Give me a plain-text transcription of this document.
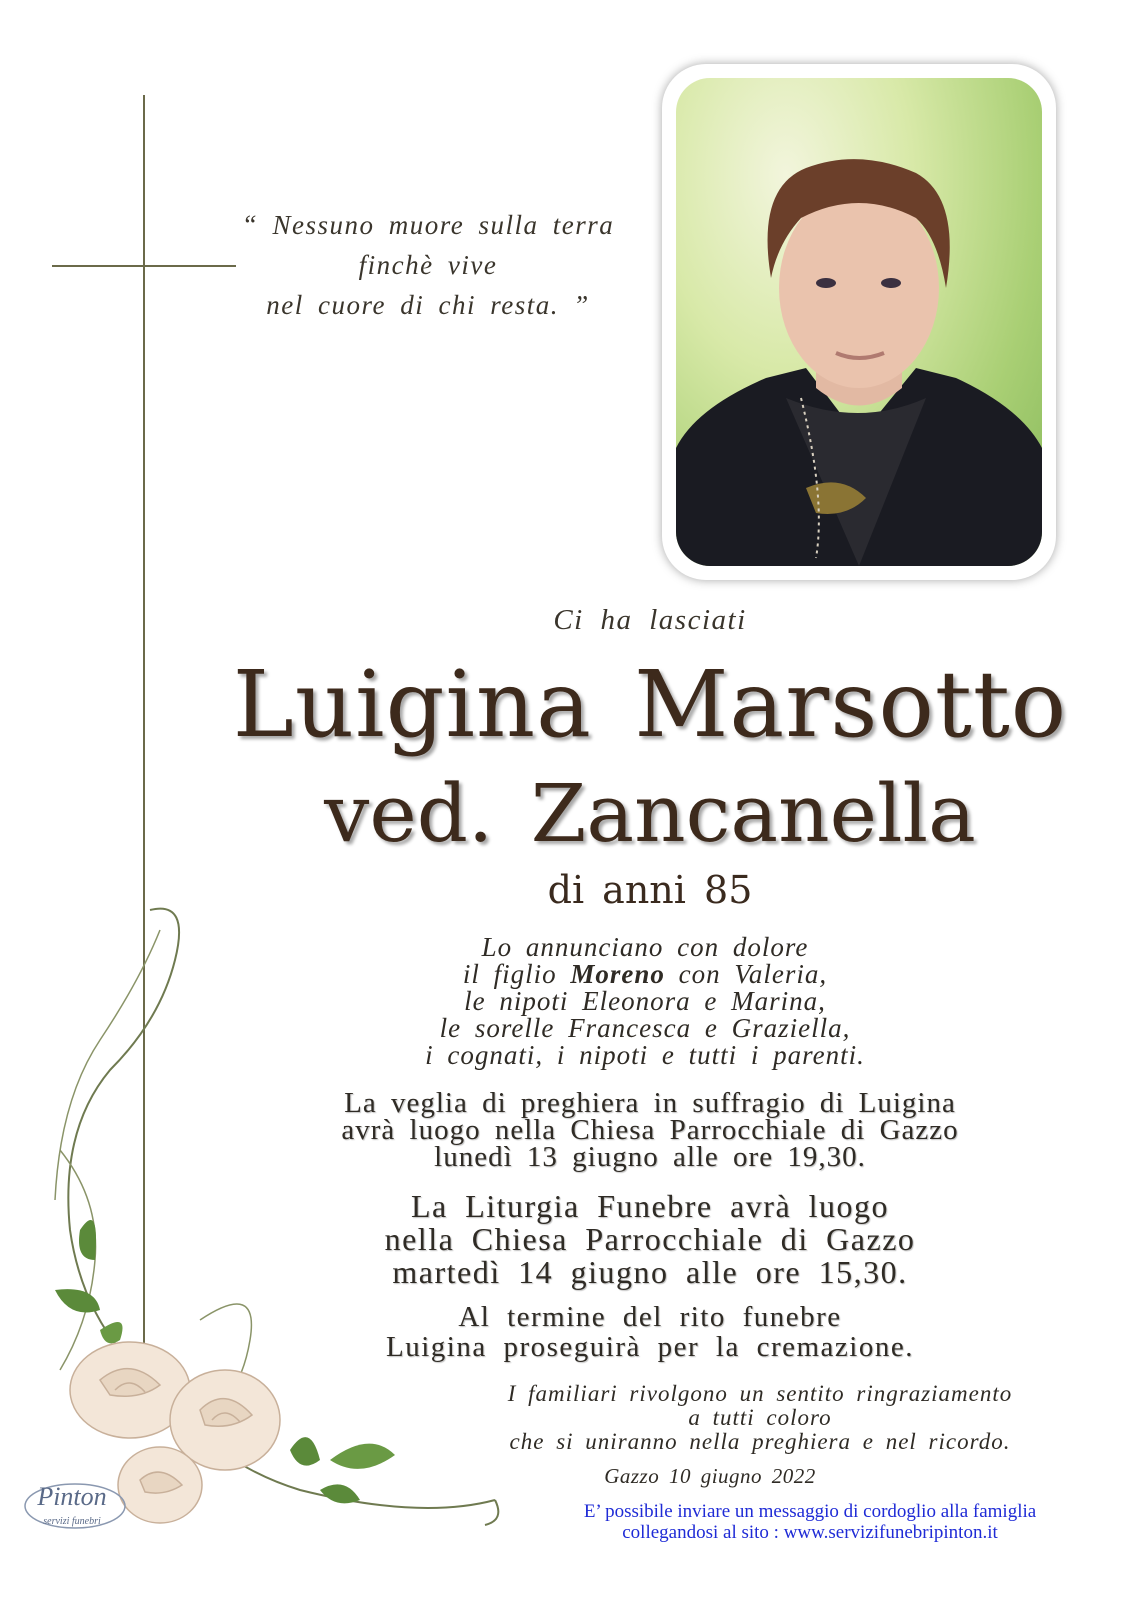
“ Nessuno muore sulla terra
finchè vive
nel cuore di chi resta. ”
Ci ha lasciati
Luigina Marsotto
ved. Zancanella
di anni 85
Lo annunciano con dolore
il figlio Moreno con Valeria,
le nipoti Eleonora e Marina,
le sorelle Francesca e Graziella,
i cognati, i nipoti e tutti i parenti.
La veglia di preghiera in suffragio di Luigina
avrà luogo nella Chiesa Parrocchiale di Gazzo
lunedì 13 giugno alle ore 19,30.
La Liturgia Funebre avrà luogo
nella Chiesa Parrocchiale di Gazzo
martedì 14 giugno alle ore 15,30.
Al termine del rito funebre
Luigina proseguirà per la cremazione.
I familiari rivolgono un sentito ringraziamento
a tutti coloro
che si uniranno nella preghiera e nel ricordo.
Gazzo 10 giugno 2022
Pinton
servizi funebri	E’ possibile inviare un messaggio di cordoglio alla famiglia
collegandosi al sito : www.servizifunebripinton.it
